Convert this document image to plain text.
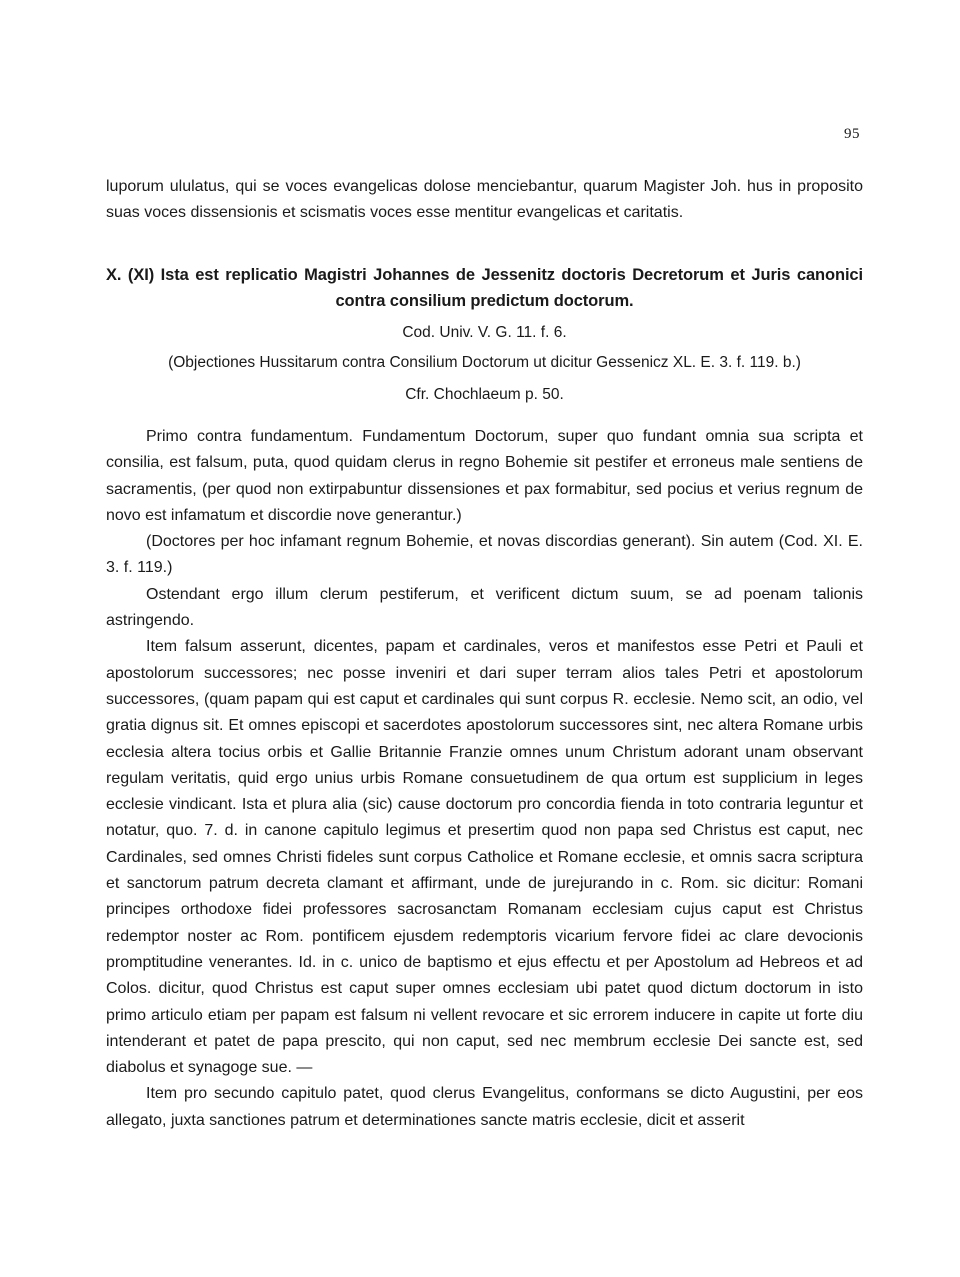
95
luporum ululatus, qui se voces evangelicas dolose menciebantur, quarum Magister Joh. hus in proposito suas voces dissensionis et scismatis voces esse mentitur evangelicas et caritatis.
X. (XI) Ista est replicatio Magistri Johannes de Jessenitz doctoris Decretorum et Juris canonici
contra consilium predictum doctorum.
Cod. Univ. V. G. 11. f. 6.
(Objectiones Hussitarum contra Consilium Doctorum ut dicitur Gessenicz XL. E. 3. f. 119. b.)
Cfr. Chochlaeum p. 50.

Primo contra fundamentum. Fundamentum Doctorum, super quo fundant omnia sua scripta et consilia, est falsum, puta, quod quidam clerus in regno Bohemie sit pestifer et erroneus male sentiens de sacramentis, (per quod non extirpabuntur dissensiones et pax formabitur, sed pocius et verius regnum de novo est infamatum et discordie nove generantur.)

(Doctores per hoc infamant regnum Bohemie, et novas discordias generant). Sin autem (Cod. XI. E. 3. f. 119.)

Ostendant ergo illum clerum pestiferum, et verificent dictum suum, se ad poenam talionis astringendo.

Item falsum asserunt, dicentes, papam et cardinales, veros et manifestos esse Petri et Pauli et apostolorum successores; nec posse inveniri et dari super terram alios tales Petri et apostolorum successores, (quam papam qui est caput et cardinales qui sunt corpus R. ecclesie. Nemo scit, an odio, vel gratia dignus sit. Et omnes episcopi et sacerdotes apostolorum successores sint, nec altera Romane urbis ecclesia altera tocius orbis et Gallie Britannie Franzie omnes unum Christum adorant unam observant regulam veritatis, quid ergo unius urbis Romane consuetudinem de qua ortum est supplicium in leges ecclesie vindicant. Ista et plura alia (sic) cause doctorum pro concordia fienda in toto contraria leguntur et notatur, quo. 7. d. in canone capitulo legimus et presertim quod non papa sed Christus est caput, nec Cardinales, sed omnes Christi fideles sunt corpus Catholice et Romane ecclesie, et omnis sacra scriptura et sanctorum patrum decreta clamant et affirmant, unde de jurejurando in c. Rom. sic dicitur: Romani principes orthodoxe fidei professores sacrosanctam Romanam ecclesiam cujus caput est Christus redemptor noster ac Rom. pontificem ejusdem redemptoris vicarium fervore fidei ac clare devocionis promptitudine venerantes. Id. in c. unico de baptismo et ejus effectu et per Apostolum ad Hebreos et ad Colos. dicitur, quod Christus est caput super omnes ecclesiam ubi patet quod dictum doctorum in isto primo articulo etiam per papam est falsum ni vellent revocare et sic errorem inducere in capite ut forte diu intenderant et patet de papa prescito, qui non caput, sed nec membrum ecclesie Dei sancte est, sed diabolus et synagoge sue. —

Item pro secundo capitulo patet, quod clerus Evangelitus, conformans se dicto Augustini, per eos allegato, juxta sanctiones patrum et determinationes sancte matris ecclesie, dicit et asserit
